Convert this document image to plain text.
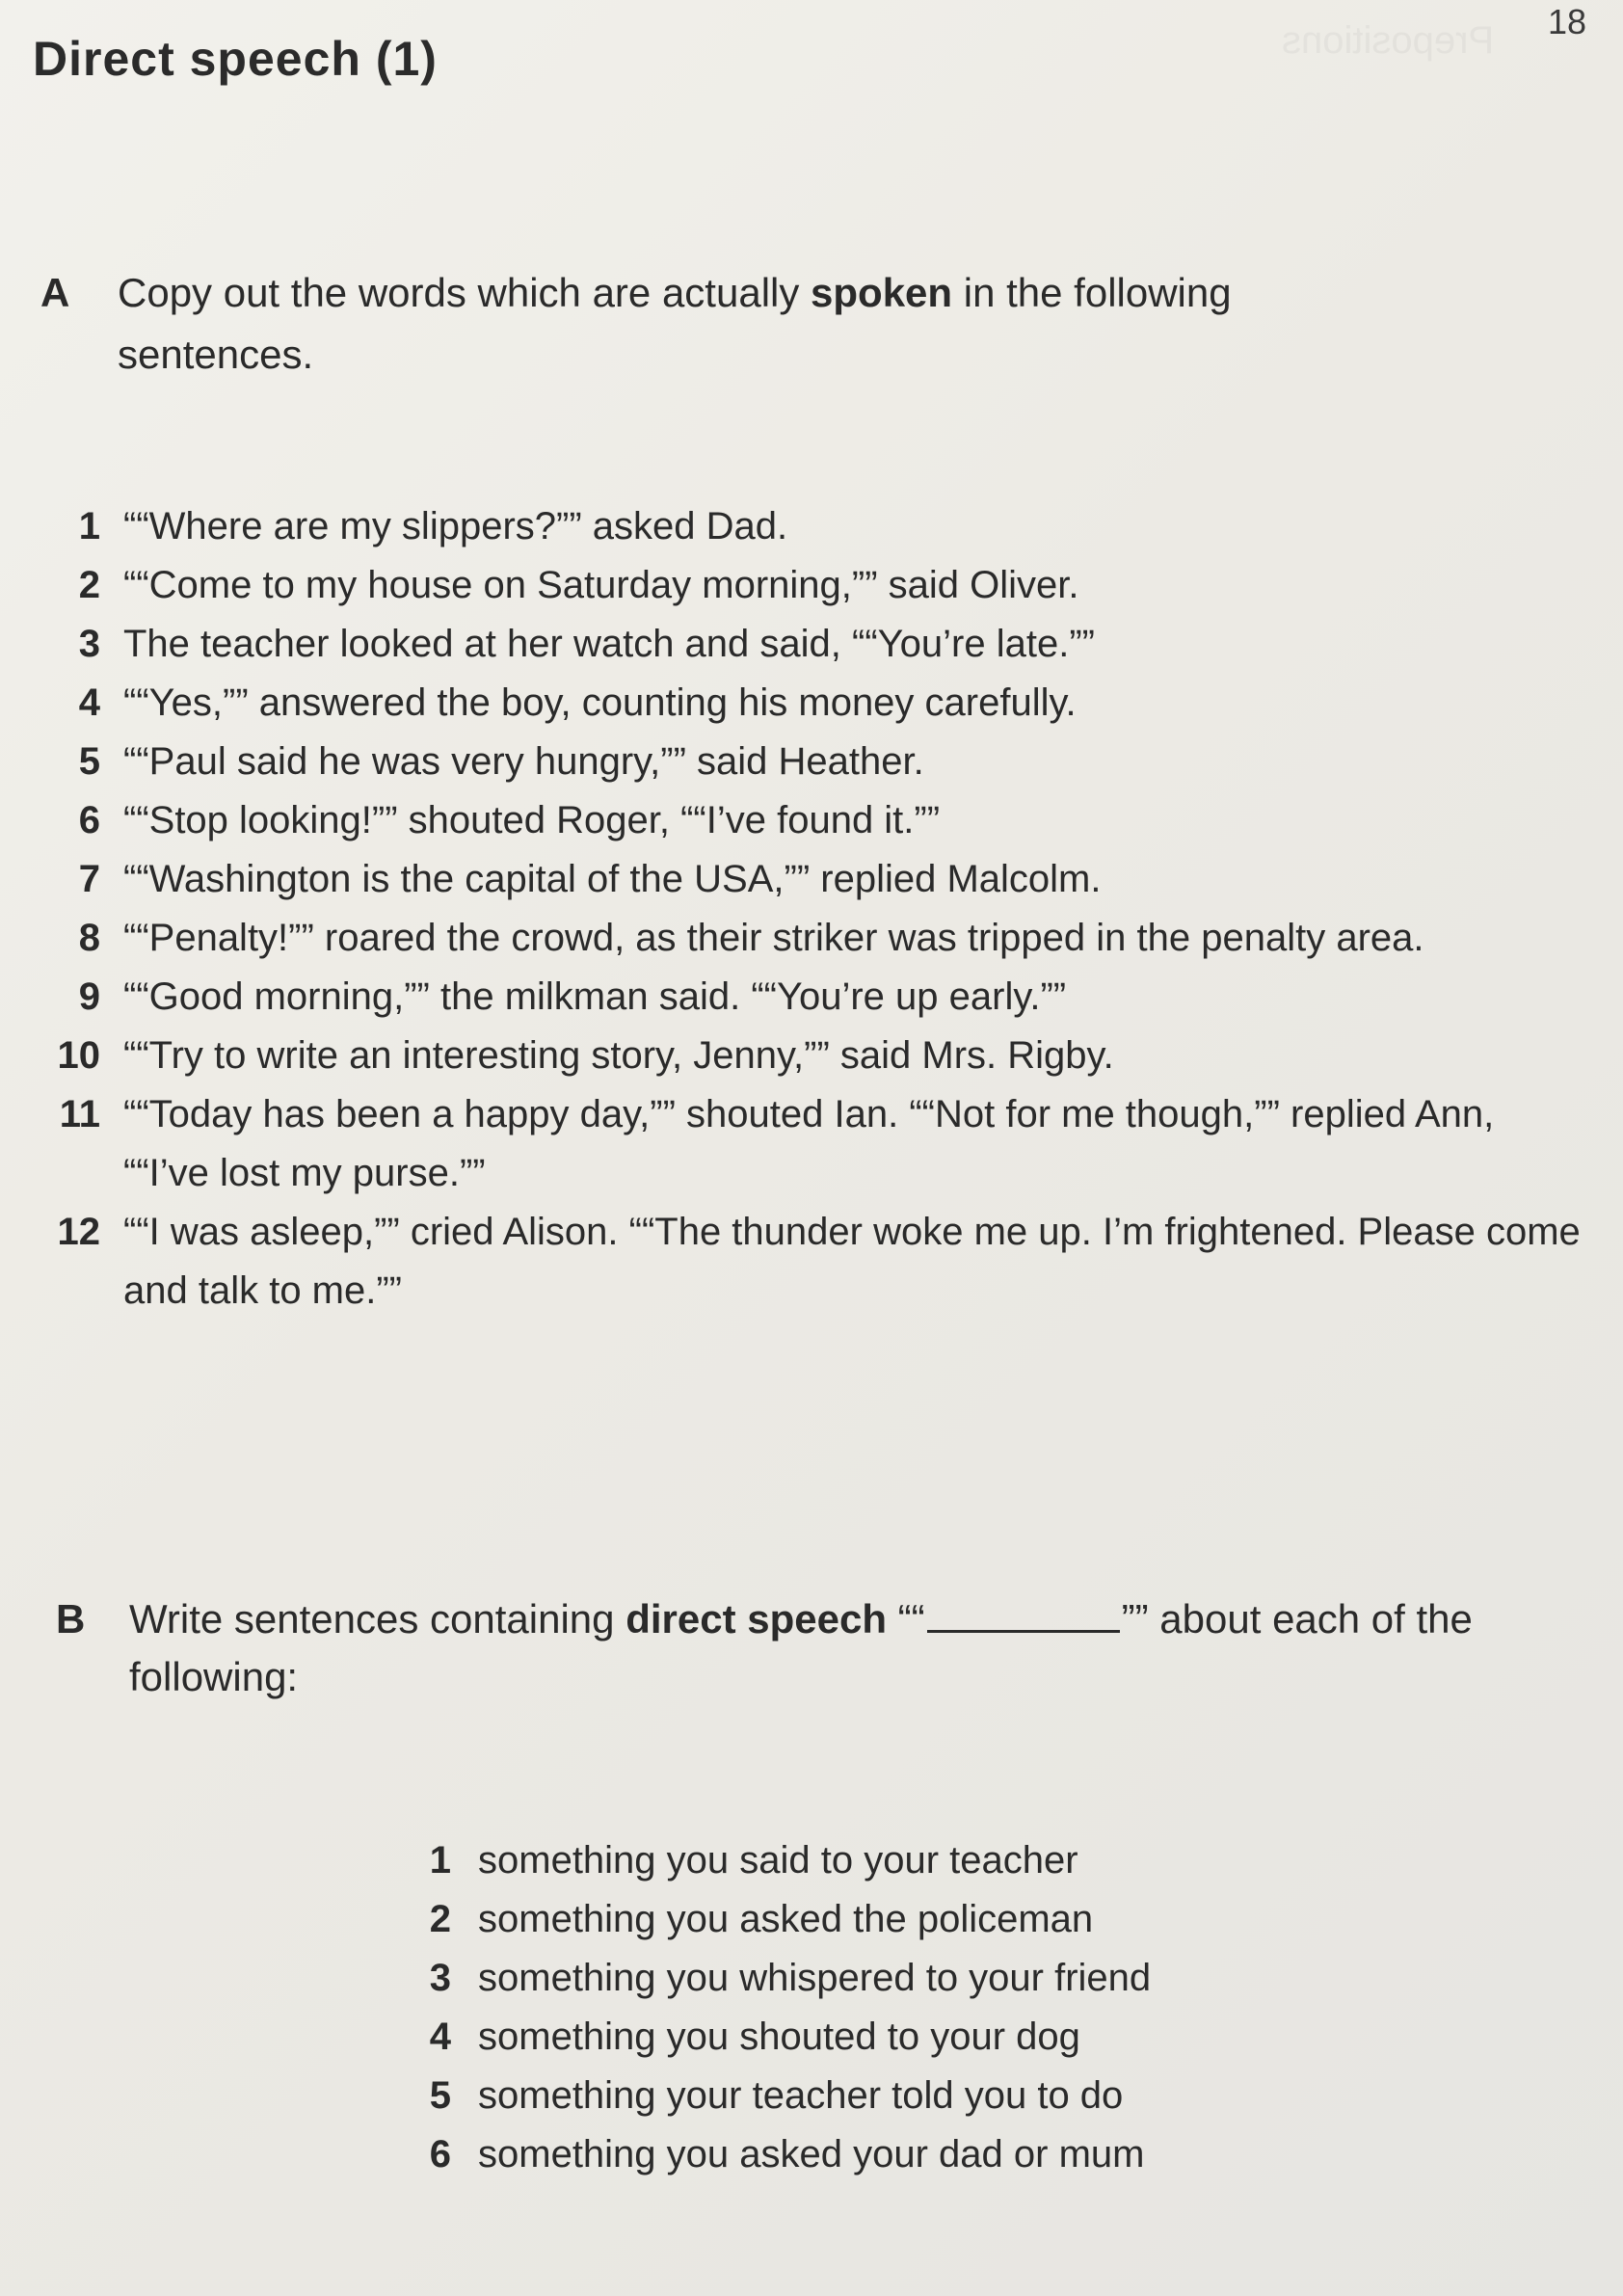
Prepositions 18
Direct speech (1)
A Copy out the words which are actually spoken in the following sentences.
1 ““Where are my slippers?”” asked Dad.
2 ““Come to my house on Saturday morning,”” said Oliver.
3 The teacher looked at her watch and said, ““You’re late.””
4 ““Yes,”” answered the boy, counting his money carefully.
5 ““Paul said he was very hungry,”” said Heather.
6 ““Stop looking!”” shouted Roger, ““I’ve found it.””
7 ““Washington is the capital of the USA,”” replied Malcolm.
8 ““Penalty!”” roared the crowd, as their striker was tripped in the penalty area.
9 ““Good morning,”” the milkman said. ““You’re up early.””
10 ““Try to write an interesting story, Jenny,”” said Mrs. Rigby.
11 ““Today has been a happy day,”” shouted Ian. ““Not for me though,”” replied Ann, ““I’ve lost my purse.””
12 ““I was asleep,”” cried Alison. ““The thunder woke me up. I’m frightened. Please come and talk to me.””
B Write sentences containing direct speech ““	”” about each of the following:
1 something you said to your teacher
2 something you asked the policeman
3 something you whispered to your friend
4 something you shouted to your dog
5 something your teacher told you to do
6 something you asked your dad or mum
